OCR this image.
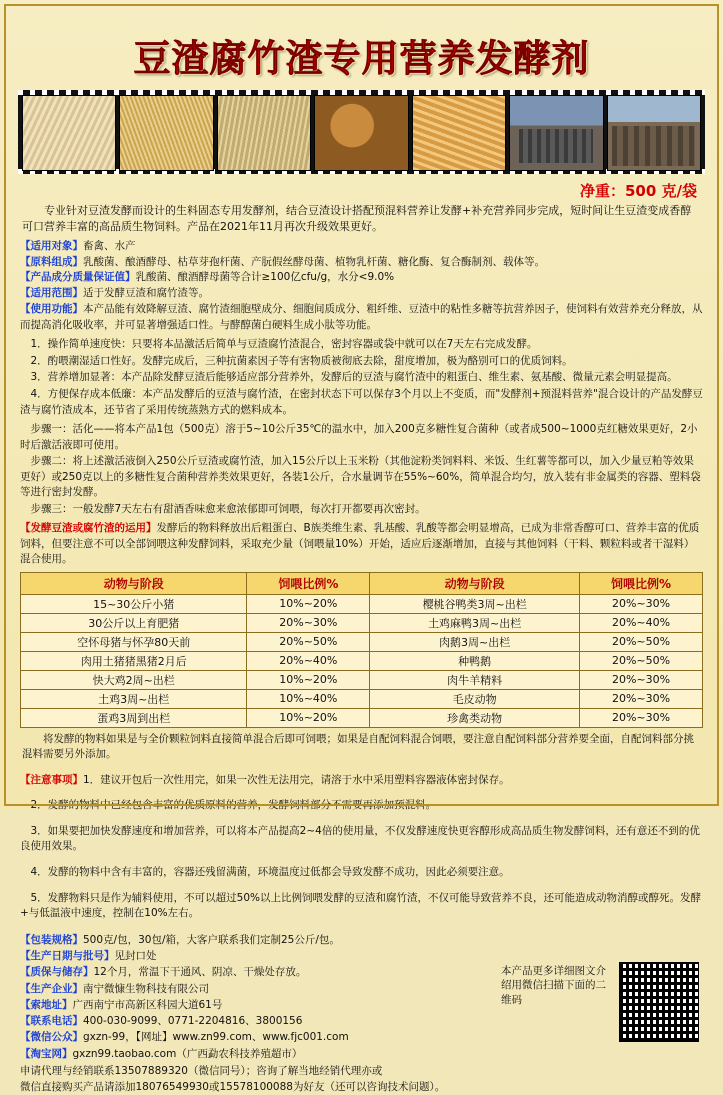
豆渣腐竹渣专用营养发酵剂
净重：500 克/袋
专业针对豆渣发酵而设计的生料固态专用发酵剂，结合豆渣设计搭配预混料营养让发酵+补充营养同步完成，短时间让生豆渣变成香醇可口营养丰富的高品质生物饲料。产品在2021年11月再次升级效果更好。
【适用对象】畜禽、水产
【原料组成】乳酸菌、酿酒酵母、枯草芽孢杆菌、产朊假丝酵母菌、植物乳杆菌、糖化酶、复合酶制剂、载体等。
【产品成分质量保证值】乳酸菌、酿酒酵母菌等合计≥100亿cfu/g，水分<9.0%
【适用范围】适于发酵豆渣和腐竹渣等。
【使用功能】本产品能有效降解豆渣、腐竹渣细胞壁成分、细胞间质成分、粗纤维、豆渣中的粘性多糖等抗营养因子，使饲料有效营养充分释放，从而提高消化吸收率，并可显著增强适口性。与酵醇菌白硬料生成小肽等功能。

1．操作简单速度快：只要将本品激活后简单与豆渣腐竹渣混合，密封容器或袋中就可以在7天左右完成发酵。

2．酌喂潮湿适口性好。发酵完成后，三种抗菌素因子等有害物质被彻底去除，甜度增加，极为酪别可口的优质饲料。

3．营养增加显著：本产品除发酵豆渣后能够适应部分营养外，发酵后的豆渣与腐竹渣中的粗蛋白、维生素、氨基酸、微量元素会明显提高。

4．方便保存成本低廉：本产品发酵后的豆渣与腐竹渣，在密封状态下可以保存3个月以上不变质，而"发酵剂+预混料营养"混合设计的产品发酵豆渣与腐竹渣成本，还节省了采用传统蒸熟方式的燃料成本。

步骤一：活化——将本产品1包（500克）溶于5~10公斤35℃的温水中，加入200克多糖性复合菌种（或者成500~1000克红糖效果更好，2小时后激活液即可使用。

步骤二：将上述激活液倒入250公斤豆渣或腐竹渣，加入15公斤以上玉米粉（其他淀粉类饲料料、米饭、生红薯等都可以，加入少量豆粕等效果更好）或250克以上的多糖性复合菌种营养类效果更好，各装1公斤，合水量调节在55%~60%，简单混合均匀，放入装有非金属类的容器、塑料袋等进行密封发酵。

步骤三：一般发酵7天左右有甜酒香味愈来愈浓郁即可饲喂，每次打开都要再次密封。

【发酵豆渣或腐竹渣的运用】发酵后的物料释放出后粗蛋白、B族类维生素、乳基酸、乳酸等都会明显增高，已成为非常香醇可口、营养丰富的优质饲料，但要注意不可以全部饲喂这种发酵饲料，采取充少量（饲喂量10%）开始，适应后逐渐增加，直接与其他饲料（干料、颗粒料或者干湿料）混合使用。

动物与阶段	饲喂比例%	动物与阶段	饲喂比例%
15~30公斤小猪	10%~20%	樱桃谷鸭类3周~出栏	20%~30%
30公斤以上育肥猪	20%~30%	土鸡麻鸭3周~出栏	20%~40%
空怀母猪与怀孕80天前	20%~50%	肉鹅3周~出栏	20%~50%
肉用土猪猪黑猪2月后	20%~40%	种鸭鹅	20%~50%
快大鸡2周~出栏	10%~20%	肉牛羊精料	20%~30%
土鸡3周~出栏	10%~40%	毛皮动物	20%~30%
蛋鸡3周到出栏	10%~20%	珍禽类动物	20%~30%
将发酵的物料如果是与全价颗粒饲料直接简单混合后即可饲喂；如果是自配饲料混合饲喂，要注意自配饲料部分营养要全面，自配饲料部分挑混料需要另外添加。

【注意事项】1．建议开包后一次性用完，如果一次性无法用完，请溶于水中采用塑料容器液体密封保存。

2．发酵的物料中已经包含丰富的优质原料的营养，发酵饲料部分不需要再添加预混料。

3．如果要把加快发酵速度和增加营养，可以将本产品提高2~4倍的使用量，不仅发酵速度快更容醇形成高品质生物发酵饲料，还有意还不到的优良使用效果。

4．发酵的物料中含有丰富的，容器还残留满菌，环境温度过低都会导致发酵不成功，因此必须要注意。

5．发酵物料只是作为辅料使用，不可以超过50%以上比例饲喂发酵的豆渣和腐竹渣，不仅可能导致营养不良，还可能造成动物消醇或醇死。发酵+与低温液中速度，控制在10%左右。

【包装规格】500克/包，30包/箱，大客户联系我们定制25公斤/包。
【生产日期与批号】见封口处
【质保与储存】12个月，常温下干通风、阴凉、干燥处存放。
【生产企业】南宁微慷生物科技有限公司
【索地址】广西南宁市高新区科园大道61号
【联系电话】400-030-9099、0771-2204816、3800156
【微信公众】gxzn-99，【网址】www.zn99.com、www.fjc001.com
【淘宝网】gxzn99.taobao.com（广西勐农科技养殖超市）
本产品更多详细图文介绍用微信扫描下面的二维码
申请代理与经销联系13507889320（微信同号）；咨询了解当地经销代理亦或
微信直接购买产品请添加18076549930或15578100088为好友（还可以咨询技术问题）。
